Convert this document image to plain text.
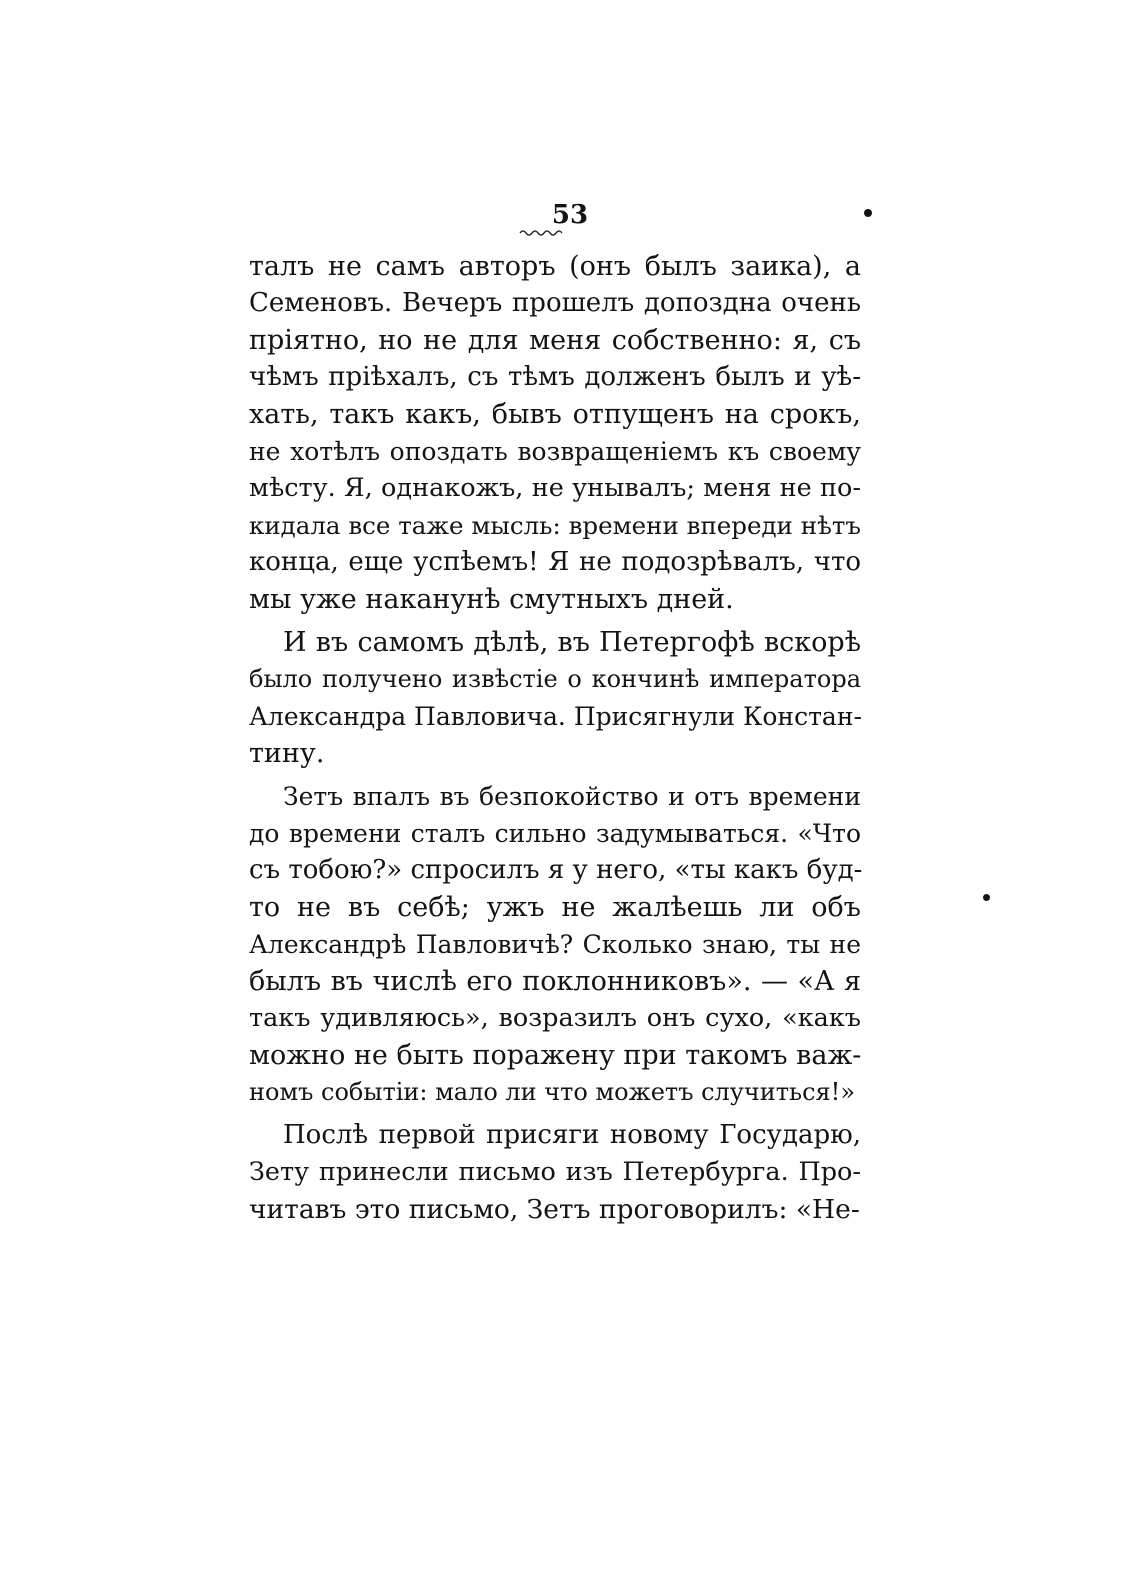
53
талъ не самъ авторъ (онъ былъ заика), а
Семеновъ. Вечеръ прошелъ допоздна очень
пріятно, но не для меня собственно: я, съ
чѣмъ пріѣхалъ, съ тѣмъ долженъ былъ и уѣ-
хать, такъ какъ, бывъ отпущенъ на срокъ,
не хотѣлъ опоздать возвращеніемъ къ своему
мѣсту. Я, однакожъ, не унывалъ; меня не по-
кидала все таже мысль: времени впереди нѣтъ
конца, еще успѣемъ! Я не подозрѣвалъ, что
мы уже наканунѣ смутныхъ дней.
И въ самомъ дѣлѣ, въ Петергофѣ вскорѣ
было получено извѣстіе о кончинѣ императора
Александра Павловича. Присягнули Констан-
тину.
Зетъ впалъ въ безпокойство и отъ времени
до времени сталъ сильно задумываться. «Что
съ тобою?» спросилъ я у него, «ты какъ буд-
то не въ себѣ; ужъ не жалѣешь ли объ
Александрѣ Павловичѣ? Сколько знаю, ты не
былъ въ числѣ его поклонниковъ». — «А я
такъ удивляюсь», возразилъ онъ сухо, «какъ
можно не быть поражену при такомъ важ-
номъ событіи: мало ли что можетъ случиться!»
Послѣ первой присяги новому Государю,
Зету принесли письмо изъ Петербурга. Про-
читавъ это письмо, Зетъ проговорилъ: «Не-
